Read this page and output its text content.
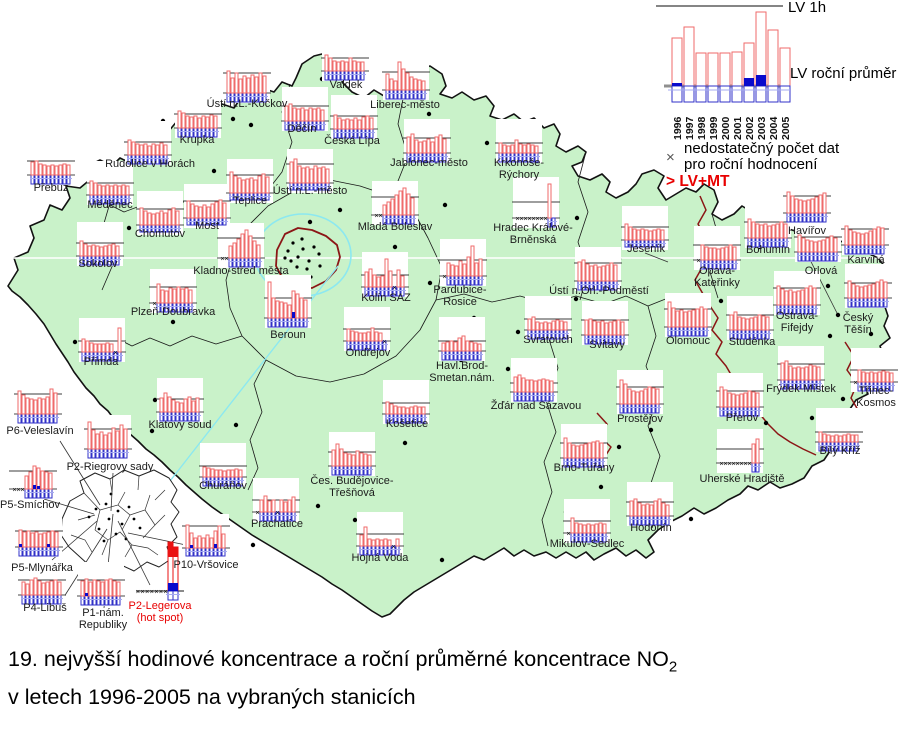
× × × × × × × ×
×
×
×
×
×
×
×
× ×
×
×
× × × × × × × ×
× × ×
× × × × × × ×
× ×
× ×
Přebuz
Ústí n.L.-Kočkov
Valdek
Liberec-město
Krupka
Děčín
Česká Lípa
Jablonec-město
Rudolice v Horách
Ústí n.L.-město
Teplice
Krkonoše-Rýchory
Měděnec
Most
Chomutov	Hradec Králové-Brněnská
Jeseník	Bohumín
Havířov
Karviná
Orlová
Opava-Kateřinky
Ostrava-Fifejdy
Český Těšín
Ústí n.Orl.-Podměstí
Svratouch Svitavy	Olomouc Studénka
Kolín SAZ
Pardubice-Rosice
Plzeň-Doubravka
Beroun
Ondřejov
Havl.Brod-Smetan.nám.
Přimda
Žďár nad Sázavou
Prostějov	Přerov
Frýdek-Místek Třinec-Kosmos
Bílý Kříž
Klatovy soud	Košetice
Churáňov
Prachatice
Čes. Budějovice-Třešňová
Hojná Voda
Brno-Tuřany
Mikulov-Sedlec
Hodonín
Uherské Hradiště
P6-Veleslavín
P2-Riegrovy sady
P5-Smíchov
P5-Mlynářka
P4-Libuš	P1-nám. Republiky
P2-Legerova (hot spot)
P10-Vršovice
Sokolov
Kladno-střed města
Mladá Boleslav
LV 1h
LV roční průměr
1996 1997 1998 1999 2000 2001 2002 2003 2004 2005
×
nedostatečný počet dat
pro roční hodnocení
> LV+MT
19. nejvyšší hodinové koncentrace a roční průměrné koncentrace $NO_2$
v letech 1996-2005 na vybraných stanicích
